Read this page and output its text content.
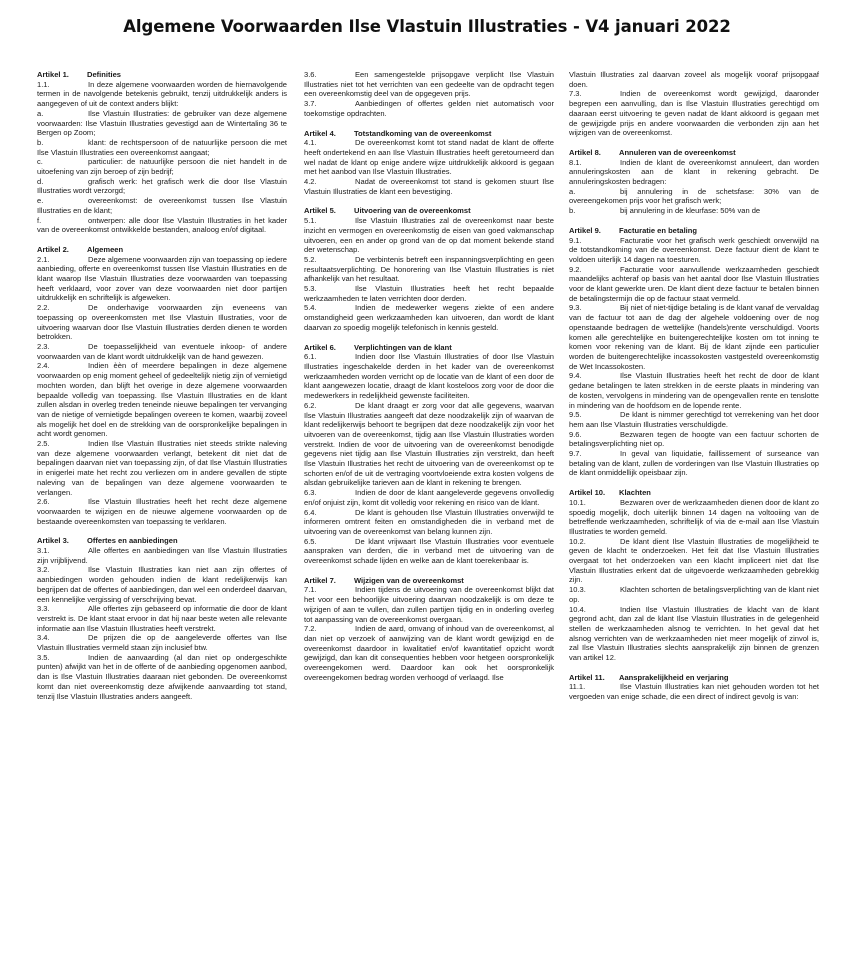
Algemene Voorwaarden Ilse Vlastuin Illustraties - V4 januari 2022

Artikel 1. Definities

1.1.	In deze algemene voorwaarden worden de hiernavolgende termen in de navolgende betekenis gebruikt, tenzij uitdrukkelijk anders is aangegeven of uit de context anders blijkt:

a.	Ilse Vlastuin Illustraties: de gebruiker van deze algemene voorwaarden: Ilse Vlastuin Illustraties gevestigd aan de Wintertaling 36 te Bergen op Zoom;

b.	klant: de rechtspersoon of de natuurlijke persoon die met Ilse Vlastuin Illustraties een overeenkomst aangaat;

c.	particulier: de natuurlijke persoon die niet handelt in de uitoefening van zijn beroep of zijn bedrijf;

d.	grafisch werk: het grafisch werk die door Ilse Vlastuin Illustraties wordt verzorgd;

e.	overeenkomst: de overeenkomst tussen Ilse Vlastuin Illustraties en de klant;

f.	ontwerpen: alle door Ilse Vlastuin Illustraties in het kader van de overeenkomst ontwikkelde bestanden, analoog en/of digitaal.

Artikel 2. Algemeen

2.1.	Deze algemene voorwaarden zijn van toepassing op iedere aanbieding, offerte en overeenkomst tussen Ilse Vlastuin Illustraties en de klant waarop Ilse Vlastuin Illustraties deze voorwaarden van toepassing heeft verklaard, voor zover van deze voorwaarden niet door partijen uitdrukkelijk en schriftelijk is afgeweken.

2.2.	De onderhavige voorwaarden zijn eveneens van toepassing op overeenkomsten met Ilse Vlastuin Illustraties, voor de uitvoering waarvan door Ilse Vlastuin Illustraties derden dienen te worden betrokken.

2.3.	De toepasselijkheid van eventuele inkoop- of andere voorwaarden van de klant wordt uitdrukkelijk van de hand gewezen.

2.4.	Indien èèn of meerdere bepalingen in deze algemene voorwaarden op enig moment geheel of gedeeltelijk nietig zijn of vernietigd mochten worden, dan blijft het overige in deze algemene voorwaarden bepaalde volledig van toepassing. Ilse Vlastuin Illustraties en de klant zullen alsdan in overleg treden teneinde nieuwe bepalingen ter vervanging van de nietige of vernietigde bepalingen overeen te komen, waarbij zoveel als mogelijk het doel en de strekking van de oorspronkelijke bepalingen in acht wordt genomen.

2.5.	Indien Ilse Vlastuin Illustraties niet steeds strikte naleving van deze algemene voorwaarden verlangt, betekent dit niet dat de bepalingen daarvan niet van toepassing zijn, of dat Ilse Vlastuin Illustraties in enigerlei mate het recht zou verliezen om in andere gevallen de stipte naleving van de bepalingen van deze algemene voorwaarden te verlangen.

2.6.	Ilse Vlastuin Illustraties heeft het recht deze algemene voorwaarden te wijzigen en de nieuwe algemene voorwaarden op de bestaande overeenkomsten van toepassing te verklaren.

Artikel 3. Offertes en aanbiedingen

3.1.	Alle offertes en aanbiedingen van Ilse Vlastuin Illustraties zijn vrijblijvend.

3.2.	Ilse Vlastuin Illustraties kan niet aan zijn offertes of aanbiedingen worden gehouden indien de klant redelijkerwijs kan begrijpen dat de offertes of aanbiedingen, dan wel een onderdeel daarvan, een kennelijke vergissing of verschrijving bevat.

3.3.	Alle offertes zijn gebaseerd op informatie die door de klant verstrekt is. De klant staat ervoor in dat hij naar beste weten alle relevante informatie aan Ilse Vlastuin Illustraties heeft verstrekt.

3.4.	De prijzen die op de aangeleverde offertes van Ilse Vlastuin Illustraties vermeld staan zijn inclusief btw.

3.5.	Indien de aanvaarding (al dan niet op ondergeschikte punten) afwijkt van het in de offerte of de aanbieding opgenomen aanbod, dan is Ilse Vlastuin Illustraties daaraan niet gebonden. De overeenkomst komt dan niet overeenkomstig deze afwijkende aanvaarding tot stand, tenzij Ilse Vlastuin Illustraties anders aangeeft.

3.6.	Een samengestelde prijsopgave verplicht Ilse Vlastuin Illustraties niet tot het verrichten van een gedeelte van de opdracht tegen een overeenkomstig deel van de opgegeven prijs.

3.7.	Aanbiedingen of offertes gelden niet automatisch voor toekomstige opdrachten.

Artikel 4. Totstandkoming van de overeenkomst

4.1.	De overeenkomst komt tot stand nadat de klant de offerte heeft ondertekend en aan Ilse Vlastuin Illustraties heeft geretourneerd dan wel nadat de klant op enige andere wijze uitdrukkelijk akkoord is gegaan met het aanbod van Ilse Vlastuin Illustraties.

4.2.	Nadat de overeenkomst tot stand is gekomen stuurt Ilse Vlastuin Illustraties de klant een bevestiging.

Artikel 5. Uitvoering van de overeenkomst

5.1.	Ilse Vlastuin Illustraties zal de overeenkomst naar beste inzicht en vermogen en overeenkomstig de eisen van goed vakmanschap uitvoeren, een en ander op grond van de op dat moment bekende stand der wetenschap.

5.2.	De verbintenis betreft een inspanningsverplichting en geen resultaatsverplichting. De honorering van Ilse Vlastuin Illustraties is niet afhankelijk van het resultaat.

5.3.	Ilse Vlastuin Illustraties heeft het recht bepaalde werkzaamheden te laten verrichten door derden.

5.4.	Indien de medewerker wegens ziekte of een andere omstandigheid geen werkzaamheden kan uitvoeren, dan wordt de klant daarvan zo spoedig mogelijk telefonisch in kennis gesteld.

Artikel 6. Verplichtingen van de klant

6.1.	Indien door Ilse Vlastuin Illustraties of door Ilse Vlastuin Illustraties ingeschakelde derden in het kader van de overeenkomst werkzaamheden worden verricht op de locatie van de klant of een door de klant aangewezen locatie, draagt de klant kosteloos zorg voor de door die medewerkers in redelijkheid gewenste faciliteiten.

6.2.	De klant draagt er zorg voor dat alle gegevens, waarvan Ilse Vlastuin Illustraties aangeeft dat deze noodzakelijk zijn of waarvan de klant redelijkerwijs behoort te begrijpen dat deze noodzakelijk zijn voor het uitvoeren van de overeenkomst, tijdig aan Ilse Vlastuin Illustraties worden verstrekt. Indien de voor de uitvoering van de overeenkomst benodigde gegevens niet tijdig aan Ilse Vlastuin Illustraties zijn verstrekt, dan heeft Ilse Vlastuin Illustraties het recht de uitvoering van de overeenkomst op te schorten en/of de uit de vertraging voortvloeiende extra kosten volgens de alsdan gebruikelijke tarieven aan de klant in rekening te brengen.

6.3.	Indien de door de klant aangeleverde gegevens onvolledig en/of onjuist zijn, komt dit volledig voor rekening en risico van de klant.

6.4.	De klant is gehouden Ilse Vlastuin Illustraties onverwijld te informeren omtrent feiten en omstandigheden die in verband met de uitvoering van de overeenkomst van belang kunnen zijn.

6.5.	De klant vrijwaart Ilse Vlastuin Illustraties voor eventuele aanspraken van derden, die in verband met de uitvoering van de overeenkomst schade lijden en welke aan de klant toerekenbaar is.

Artikel 7. Wijzigen van de overeenkomst

7.1.	Indien tijdens de uitvoering van de overeenkomst blijkt dat het voor een behoorlijke uitvoering daarvan noodzakelijk is om deze te wijzigen of aan te vullen, dan zullen partijen tijdig en in onderling overleg tot aanpassing van de overeenkomst overgaan.

7.2.	Indien de aard, omvang of inhoud van de overeenkomst, al dan niet op verzoek of aanwijzing van de klant wordt gewijzigd en de overeenkomst daardoor in kwalitatief en/of kwantitatief opzicht wordt gewijzigd, dan kan dit consequenties hebben voor hetgeen oorspronkelijk overeengekomen werd. Daardoor kan ook het oorspronkelijk overeengekomen bedrag worden verhoogd of verlaagd. Ilse

Vlastuin Illustraties zal daarvan zoveel als mogelijk vooraf prijsopgaaf doen.

7.3.	Indien de overeenkomst wordt gewijzigd, daaronder begrepen een aanvulling, dan is Ilse Vlastuin Illustraties gerechtigd om daaraan eerst uitvoering te geven nadat de klant akkoord is gegaan met de gewijzigde prijs en andere voorwaarden die verbonden zijn aan het wijzigen van de overeenkomst.

Artikel 8. Annuleren van de overeenkomst

8.1.	Indien de klant de overeenkomst annuleert, dan worden annuleringskosten aan de klant in rekening gebracht. De annuleringskosten bedragen:

a.	bij annulering in de schetsfase: 30% van de overeengekomen prijs voor het grafisch werk;

b.	bij annulering in de kleurfase: 50% van de

Artikel 9. Facturatie en betaling

9.1.	Facturatie voor het grafisch werk geschiedt onverwijld na de totstandkoming van de overeenkomst. Deze factuur dient de klant te voldoen uiterlijk 14 dagen na toesturen.

9.2.	Facturatie voor aanvullende werkzaamheden geschiedt maandelijks achteraf op basis van het aantal door Ilse Vlastuin Illustraties voor de klant gewerkte uren. De klant dient deze factuur te betalen binnen de betalingstermijn die op de factuur staat vermeld.

9.3.	Bij niet of niet-tijdige betaling is de klant vanaf de vervaldag van de factuur tot aan de dag der algehele voldoening over de nog openstaande bedragen de wettelijke (handels)rente verschuldigd. Voorts komen alle gerechtelijke en buitengerechtelijke kosten om tot inning te komen voor rekening van de klant. Bij de klant zijnde een particulier worden de buitengerechtelijke incassokosten vastgesteld overeenkomstig de Wet Incassokosten.

9.4.	Ilse Vlastuin Illustraties heeft het recht de door de klant gedane betalingen te laten strekken in de eerste plaats in mindering van de kosten, vervolgens in mindering van de opengevallen rente en tenslotte in mindering van de hoofdsom en de lopende rente.

9.5.	De klant is nimmer gerechtigd tot verrekening van het door hem aan Ilse Vlastuin Illustraties verschuldigde.

9.6.	Bezwaren tegen de hoogte van een factuur schorten de betalingsverplichting niet op.

9.7.	In geval van liquidatie, faillissement of surseance van betaling van de klant, zullen de vorderingen van Ilse Vlastuin Illustraties op de klant onmiddellijk opeisbaar zijn.

Artikel 10. Klachten

10.1.	Bezwaren over de werkzaamheden dienen door de klant zo spoedig mogelijk, doch uiterlijk binnen 14 dagen na voltooiing van de betreffende werkzaamheden, schriftelijk of via de e-mail aan Ilse Vlastuin Illustraties te worden gemeld.

10.2.	De klant dient Ilse Vlastuin Illustraties de mogelijkheid te geven de klacht te onderzoeken. Het feit dat Ilse Vlastuin Illustraties overgaat tot het onderzoeken van een klacht impliceert niet dat Ilse Vlastuin Illustraties erkent dat de uitgevoerde werkzaamheden gebrekkig zijn.

10.3.	Klachten schorten de betalingsverplichting van de klant niet op.

10.4.	Indien Ilse Vlastuin Illustraties de klacht van de klant gegrond acht, dan zal de klant Ilse Vlastuin Illustraties in de gelegenheid stellen de werkzaamheden alsnog te verrichten. In het geval dat het alsnog verrichten van de werkzaamheden niet meer mogelijk of zinvol is, zal Ilse Vlastuin Illustraties slechts aansprakelijk zijn binnen de grenzen van artikel 12.

Artikel 11. Aansprakelijkheid en verjaring

11.1.	Ilse Vlastuin Illustraties kan niet gehouden worden tot het vergoeden van enige schade, die een direct of indirect gevolg is van:
